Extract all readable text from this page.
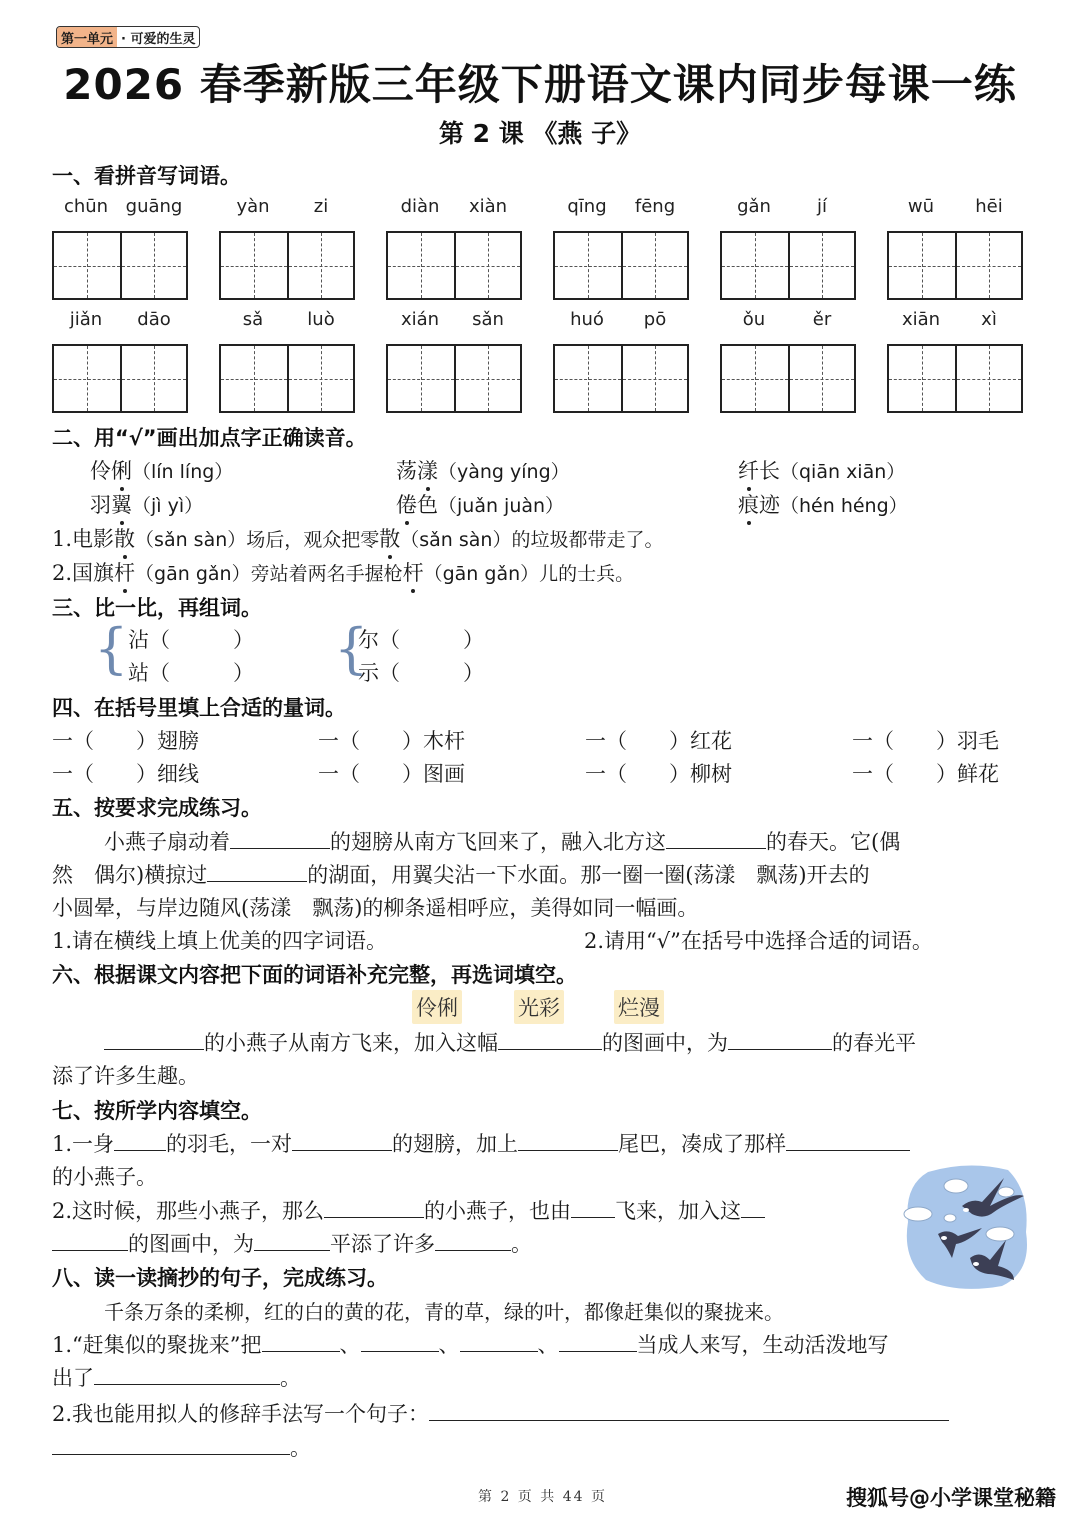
第一单元 · 可爱的生灵
2026 春季新版三年级下册语文课内同步每课一练
第 2 课 《燕 子》
一、看拼音写词语。
chūn guāng	yàn	zi	diàn	xiàn	qīng	fēng	gǎn	jí	wū	hēi
jiǎn	dāo	sǎ	luò	xián	sǎn	huó	pō	ǒu	ěr	xiān	xì
二、用“√”画出加点字正确读音。
伶俐（lín líng）	荡漾（yàng yíng）	纤长（qiān xiān）
羽翼（jì yì）	倦色（juǎn juàn）	痕迹（hén héng）
1.电影散（sǎn sàn）场后，观众把零散（sǎn sàn）的垃圾都带走了。
2.国旗杆（gān gǎn）旁站着两名手握枪杆（gān gǎn）儿的士兵。
三、比一比，再组词。
{ 沾（　　　）
站（　　　） {
尔（　　　）
示（　　　）
四、在括号里填上合适的量词。
一（　　）翅膀	一（　　）木杆	一（　　）红花	一（　　）羽毛
一（　　）细线	一（　　）图画	一（　　）柳树	一（　　）鲜花
五、按要求完成练习。
小燕子扇动着	的翅膀从南方飞回来了，融入北方这	的春天。它(偶
然　偶尔)横掠过	的湖面，用翼尖沾一下水面。那一圈一圈(荡漾　飘荡)开去的
小圆晕，与岸边随风(荡漾　飘荡)的柳条遥相呼应，美得如同一幅画。
1.请在横线上填上优美的四字词语。	2.请用“√”在括号中选择合适的词语。
六、根据课文内容把下面的词语补充完整，再选词填空。
伶俐	光彩	烂漫
的小燕子从南方飞来，加入这幅	的图画中，为	的春光平
添了许多生趣。
七、按所学内容填空。
1.一身 的羽毛，一对	的翅膀，加上	尾巴，凑成了那样
的小燕子。
2.这时候，那些小燕子，那么	的小燕子，也由 飞来，加入这
的图画中，为	平添了许多	。
八、读一读摘抄的句子，完成练习。
千条万条的柔柳，红的白的黄的花，青的草，绿的叶，都像赶集似的聚拢来。
1.“赶集似的聚拢来”把	、	、	、	当成人来写，生动活泼地写
出了	。
2.我也能用拟人的修辞手法写一个句子：
。
第 2 页 共 44 页	搜狐号@小学课堂秘籍
